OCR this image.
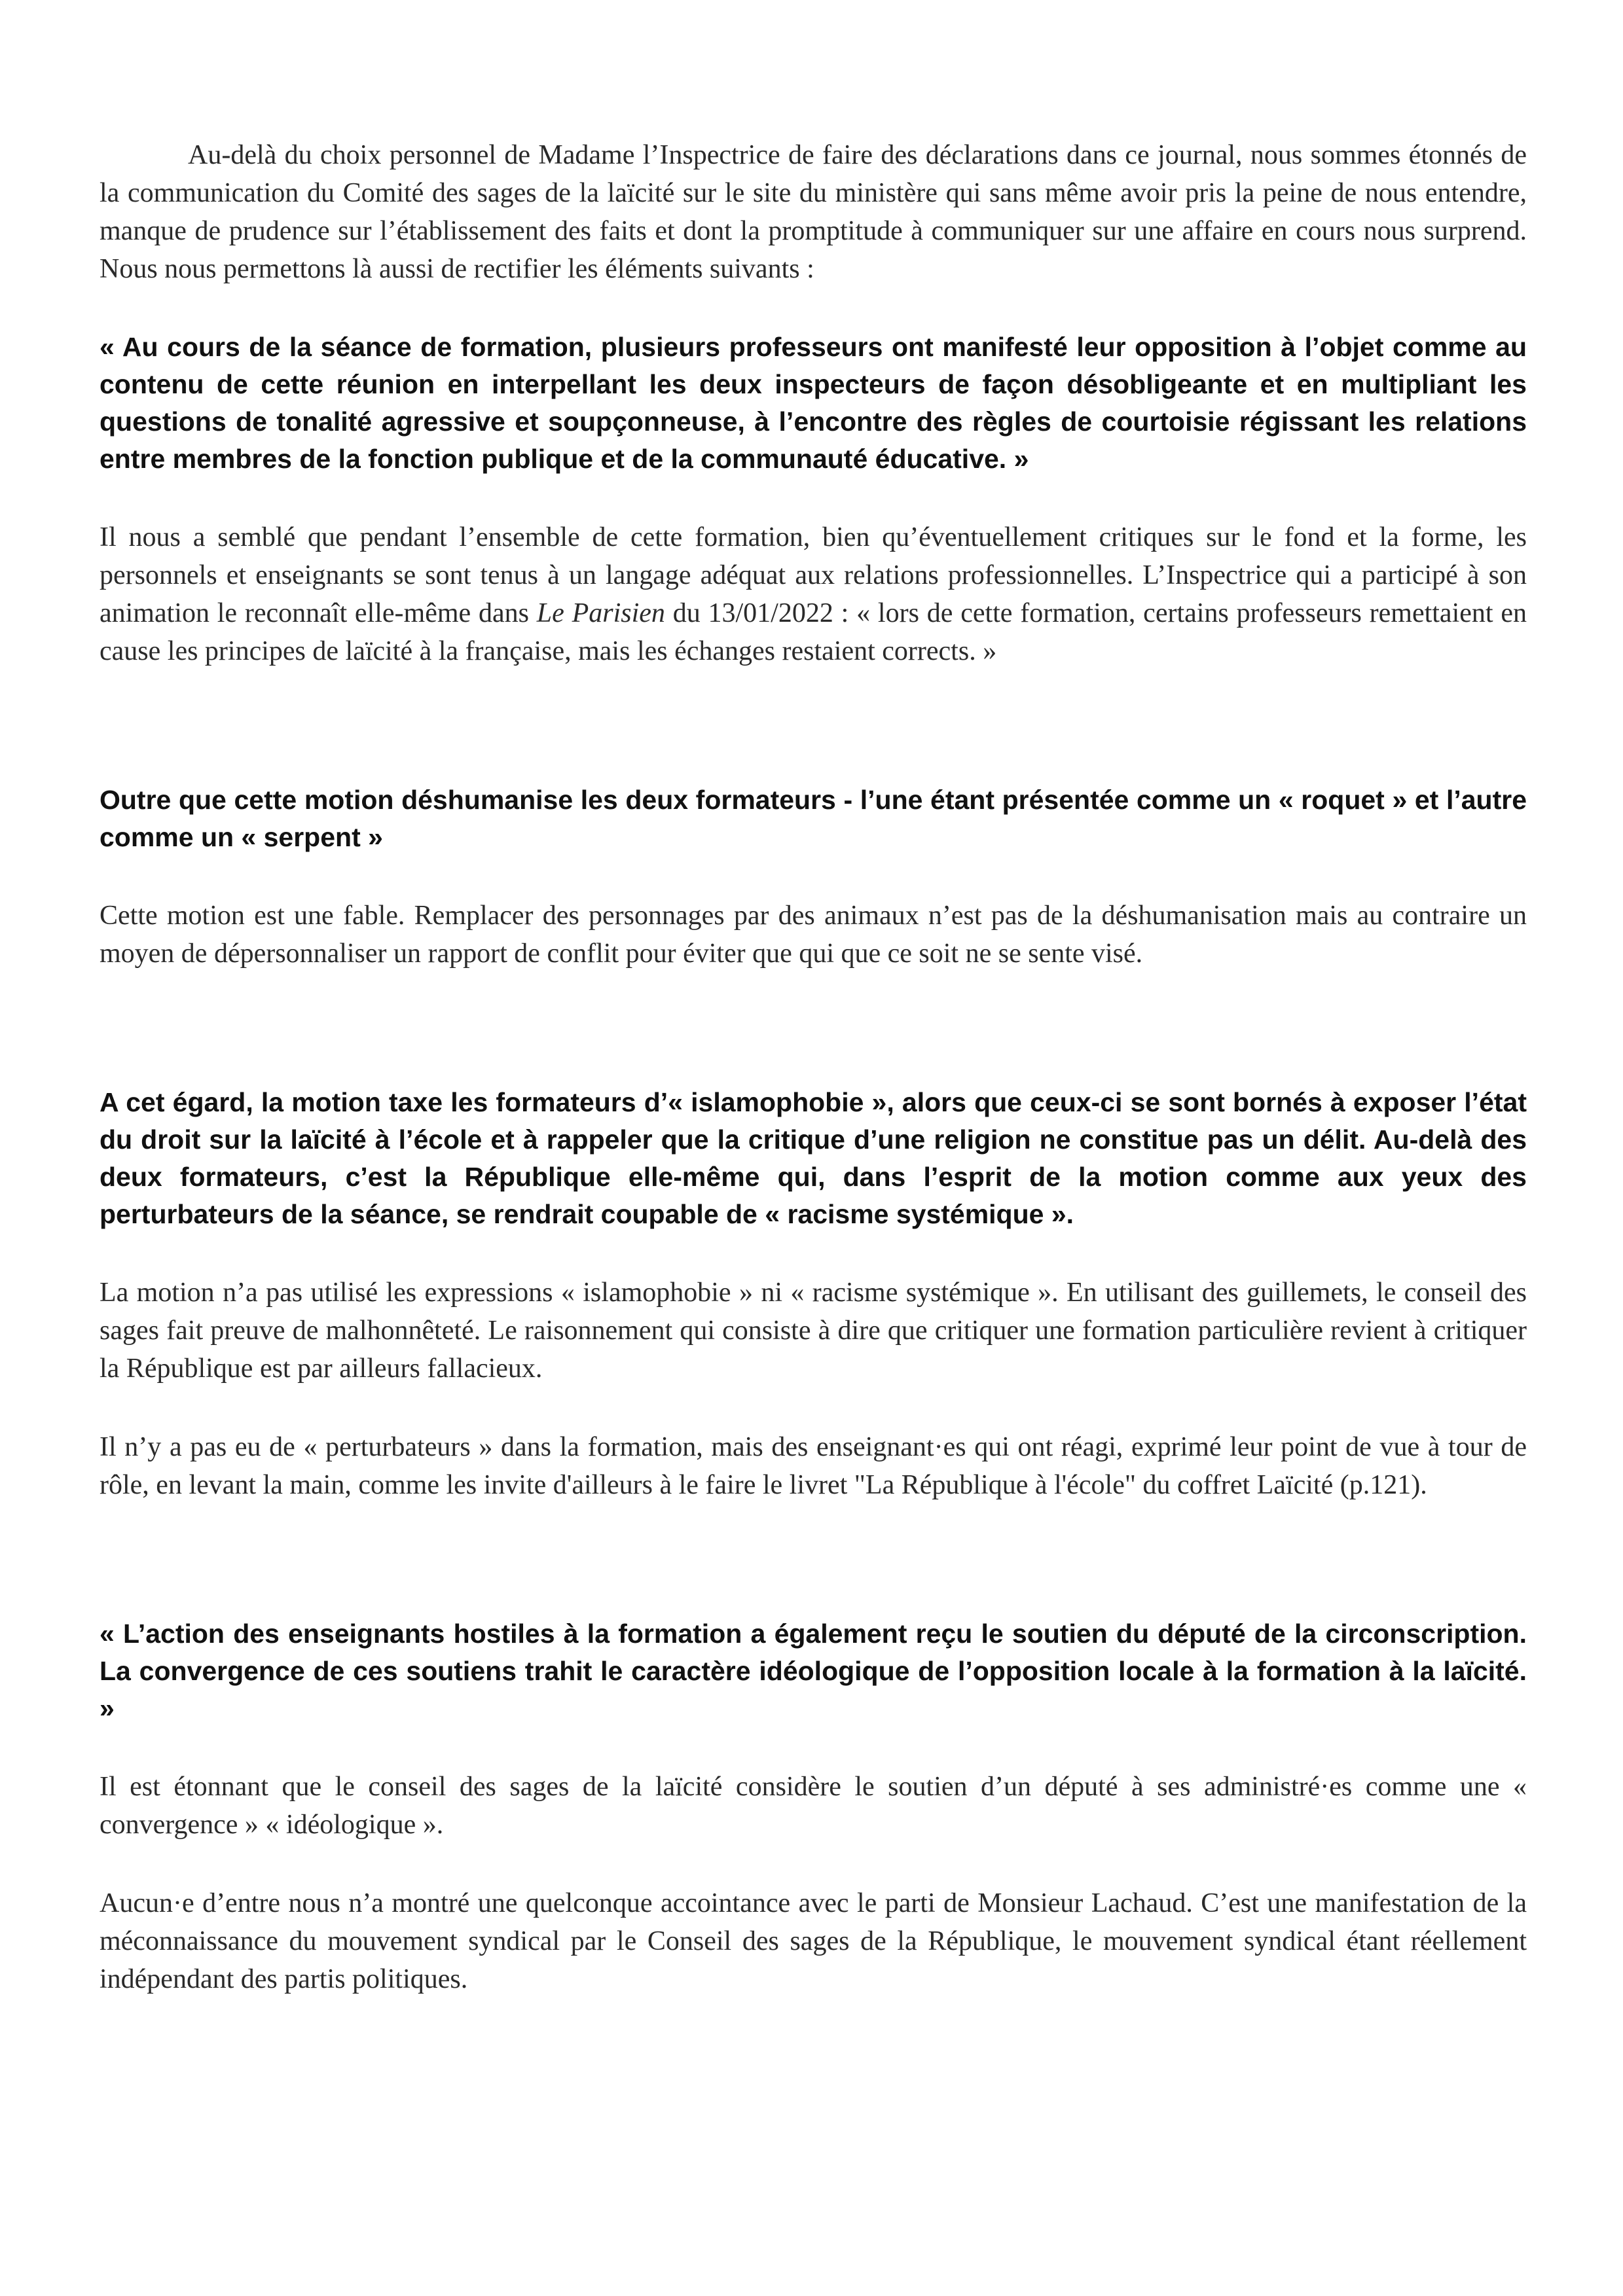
Au-delà du choix personnel de Madame l’Inspectrice de faire des déclarations dans ce journal, nous sommes étonnés de la communication du Comité des sages de la laïcité sur le site du ministère qui sans même avoir pris la peine de nous entendre, manque de prudence sur l’établissement des faits et dont la promptitude à communiquer sur une affaire en cours nous surprend. Nous nous permettons là aussi de rectifier les éléments suivants :

« Au cours de la séance de formation, plusieurs professeurs ont manifesté leur opposition à l’objet comme au contenu de cette réunion en interpellant les deux inspecteurs de façon désobligeante et en multipliant les questions de tonalité agressive et soupçonneuse, à l’encontre des règles de courtoisie régissant les relations entre membres de la fonction publique et de la communauté éducative. »

Il nous a semblé que pendant l’ensemble de cette formation, bien qu’éventuellement critiques sur le fond et la forme, les personnels et enseignants se sont tenus à un langage adéquat aux relations professionnelles. L’Inspectrice qui a participé à son animation le reconnaît elle-même dans Le Parisien du 13/01/2022 : « lors de cette formation, certains professeurs remettaient en cause les principes de laïcité à la française, mais les échanges restaient corrects. »

Outre que cette motion déshumanise les deux formateurs - l’une étant présentée comme un « roquet » et l’autre comme un « serpent »

Cette motion est une fable. Remplacer des personnages par des animaux n’est pas de la déshumanisation mais au contraire un moyen de dépersonnaliser un rapport de conflit pour éviter que qui que ce soit ne se sente visé.

A cet égard, la motion taxe les formateurs d’« islamophobie », alors que ceux-ci se sont bornés à exposer l’état du droit sur la laïcité à l’école et à rappeler que la critique d’une religion ne constitue pas un délit. Au-delà des deux formateurs, c’est la République elle-même qui, dans l’esprit de la motion comme aux yeux des perturbateurs de la séance, se rendrait coupable de « racisme systémique ».

La motion n’a pas utilisé les expressions « islamophobie » ni « racisme systémique ». En utilisant des guillemets, le conseil des sages fait preuve de malhonnêteté. Le raisonnement qui consiste à dire que critiquer une formation particulière revient à critiquer la République est par ailleurs fallacieux.

Il n’y a pas eu de « perturbateurs » dans la formation, mais des enseignant·es qui ont réagi, exprimé leur point de vue à tour de rôle, en levant la main, comme les invite d'ailleurs à le faire le livret "La République à l'école" du coffret Laïcité (p.121).

« L’action des enseignants hostiles à la formation a également reçu le soutien du député de la circonscription. La convergence de ces soutiens trahit le caractère idéologique de l’opposition locale à la formation à la laïcité. »

Il est étonnant que le conseil des sages de la laïcité considère le soutien d’un député à ses administré·es comme une « convergence » « idéologique ».

Aucun·e d’entre nous n’a montré une quelconque accointance avec le parti de Monsieur Lachaud. C’est une manifestation de la méconnaissance du mouvement syndical par le Conseil des sages de la République, le mouvement syndical étant réellement indépendant des partis politiques.
